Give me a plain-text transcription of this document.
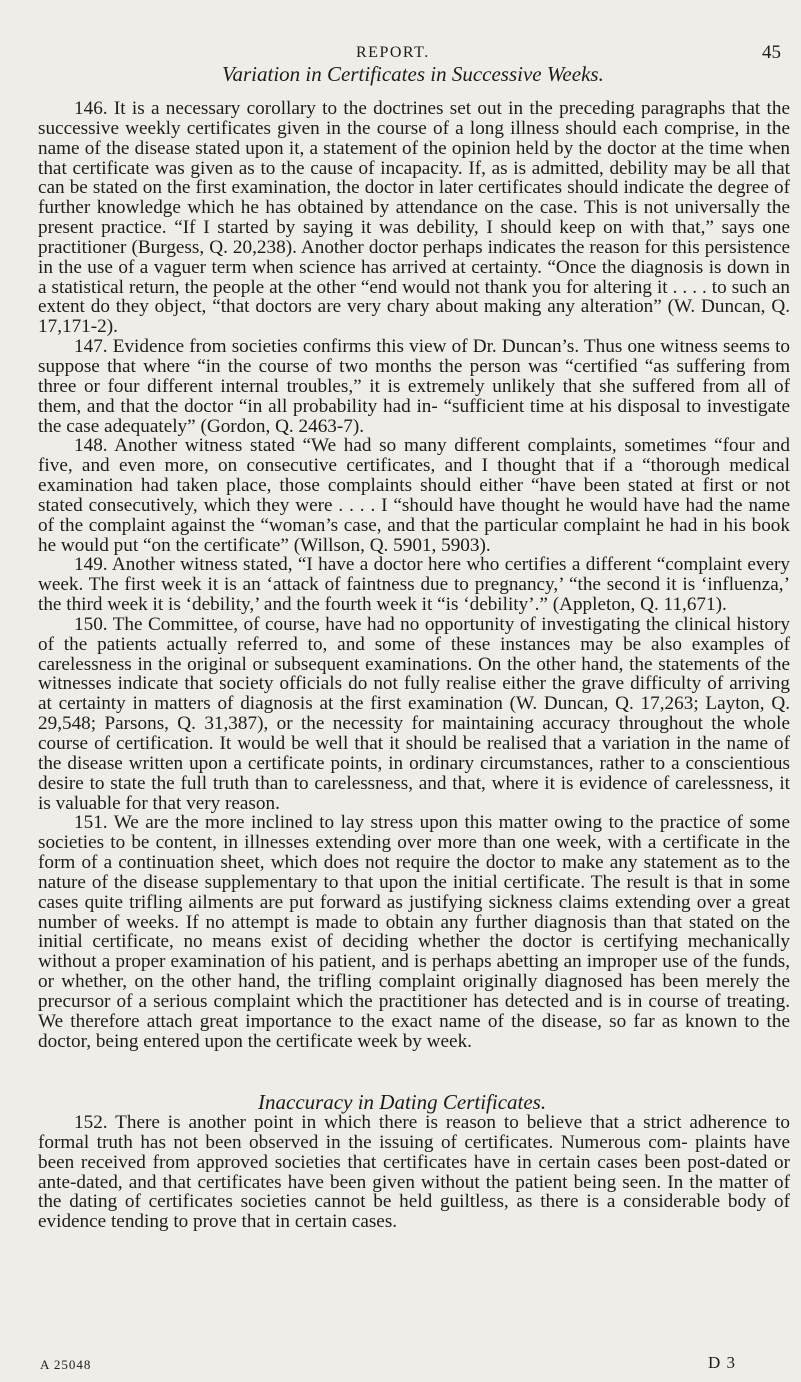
REPORT.	45
Variation in Certificates in Successive Weeks.

146. It is a necessary corollary to the doctrines set out in the preceding paragraphs that the successive weekly certificates given in the course of a long illness should each comprise, in the name of the disease stated upon it, a statement of the opinion held by the doctor at the time when that certificate was given as to the cause of incapacity. If, as is admitted, debility may be all that can be stated on the first examination, the doctor in later certificates should indicate the degree of further knowledge which he has obtained by attendance on the case. This is not universally the present practice. “If I started by saying it was debility, I should keep on with that,” says one practitioner (Burgess, Q. 20,238). Another doctor perhaps indicates the reason for this persistence in the use of a vaguer term when science has arrived at certainty. “Once the diagnosis is down in a statistical return, the people at the other “end would not thank you for altering it . . . . to such an extent do they object, “that doctors are very chary about making any alteration” (W. Duncan, Q. 17,171-2).

147. Evidence from societies confirms this view of Dr. Duncan’s. Thus one witness seems to suppose that where “in the course of two months the person was “certified “as suffering from three or four different internal troubles,” it is extremely unlikely that she suffered from all of them, and that the doctor “in all probability had in- “sufficient time at his disposal to investigate the case adequately” (Gordon, Q. 2463-7).

148. Another witness stated “We had so many different complaints, sometimes “four and five, and even more, on consecutive certificates, and I thought that if a “thorough medical examination had taken place, those complaints should either “have been stated at first or not stated consecutively, which they were . . . . I “should have thought he would have had the name of the complaint against the “woman’s case, and that the particular complaint he had in his book he would put “on the certificate” (Willson, Q. 5901, 5903).

149. Another witness stated, “I have a doctor here who certifies a different “complaint every week. The first week it is an ‘attack of faintness due to pregnancy,’ “the second it is ‘influenza,’ the third week it is ‘debility,’ and the fourth week it “is ‘debility’.” (Appleton, Q. 11,671).

150. The Committee, of course, have had no opportunity of investigating the clinical history of the patients actually referred to, and some of these instances may be also examples of carelessness in the original or subsequent examinations. On the other hand, the statements of the witnesses indicate that society officials do not fully realise either the grave difficulty of arriving at certainty in matters of diagnosis at the first examination (W. Duncan, Q. 17,263; Layton, Q. 29,548; Parsons, Q. 31,387), or the necessity for maintaining accuracy throughout the whole course of certification. It would be well that it should be realised that a variation in the name of the disease written upon a certificate points, in ordinary circumstances, rather to a conscientious desire to state the full truth than to carelessness, and that, where it is evidence of carelessness, it is valuable for that very reason.

151. We are the more inclined to lay stress upon this matter owing to the practice of some societies to be content, in illnesses extending over more than one week, with a certificate in the form of a continuation sheet, which does not require the doctor to make any statement as to the nature of the disease supplementary to that upon the initial certificate. The result is that in some cases quite trifling ailments are put forward as justifying sickness claims extending over a great number of weeks. If no attempt is made to obtain any further diagnosis than that stated on the initial certificate, no means exist of deciding whether the doctor is certifying mechanically without a proper examination of his patient, and is perhaps abetting an improper use of the funds, or whether, on the other hand, the trifling complaint originally diagnosed has been merely the precursor of a serious complaint which the practitioner has detected and is in course of treating. We therefore attach great importance to the exact name of the disease, so far as known to the doctor, being entered upon the certificate week by week.

Inaccuracy in Dating Certificates.

152. There is another point in which there is reason to believe that a strict adherence to formal truth has not been observed in the issuing of certificates. Numerous com- plaints have been received from approved societies that certificates have in certain cases been post-dated or ante-dated, and that certificates have been given without the patient being seen. In the matter of the dating of certificates societies cannot be held guiltless, as there is a considerable body of evidence tending to prove that in certain cases.

A 25048	D 3
